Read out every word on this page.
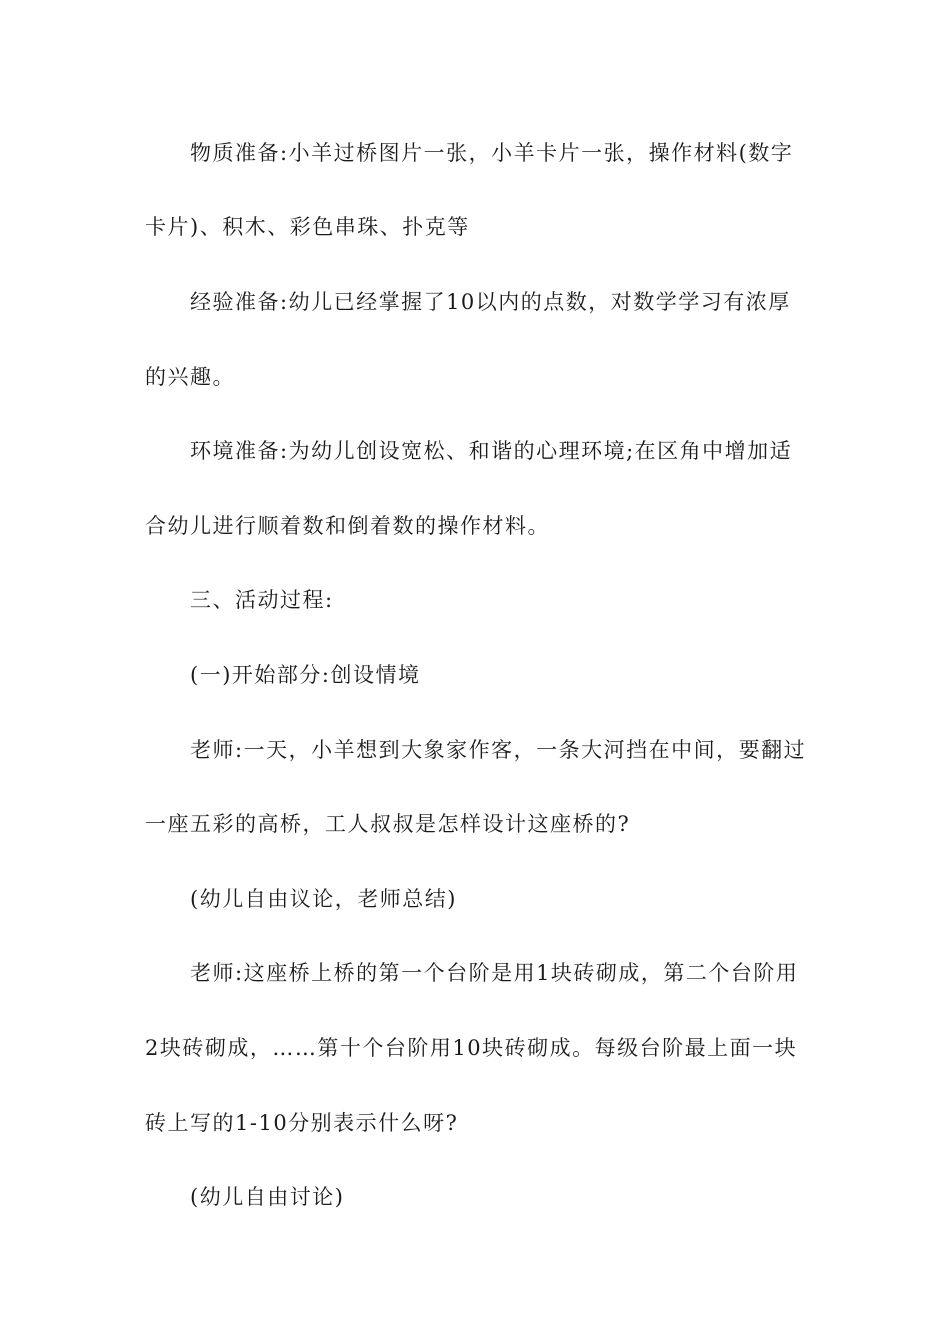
物质准备:小羊过桥图片一张，小羊卡片一张，操作材料(数字
卡片)、积木、彩色串珠、扑克等
经验准备:幼儿已经掌握了10以内的点数，对数学学习有浓厚
的兴趣。
环境准备:为幼儿创设宽松、和谐的心理环境;在区角中增加适
合幼儿进行顺着数和倒着数的操作材料。
三、活动过程:
(一)开始部分:创设情境
老师:一天，小羊想到大象家作客，一条大河挡在中间，要翻过
一座五彩的高桥，工人叔叔是怎样设计这座桥的?
(幼儿自由议论，老师总结)
老师:这座桥上桥的第一个台阶是用1块砖砌成，第二个台阶用
2块砖砌成，……第十个台阶用10块砖砌成。每级台阶最上面一块
砖上写的1-10分别表示什么呀?
(幼儿自由讨论)
